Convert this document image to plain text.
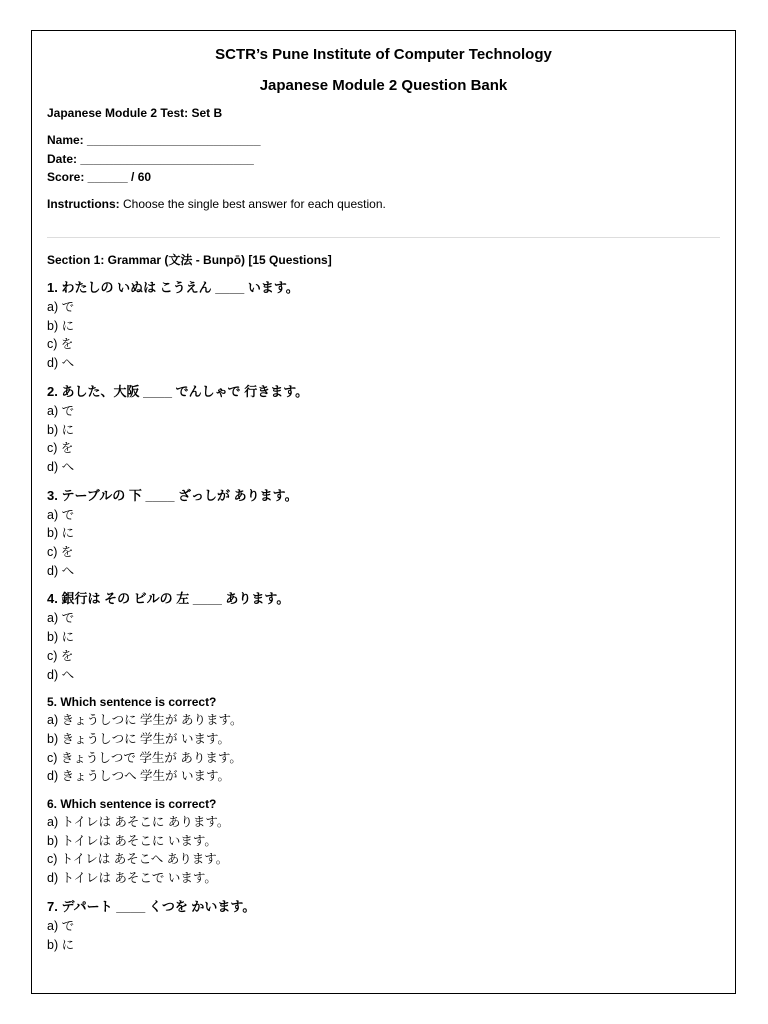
SCTR’s Pune Institute of Computer Technology
Japanese Module 2 Question Bank
Japanese Module 2 Test: Set B
Name: __________________________
Date: __________________________
Score: ______ / 60
Instructions: Choose the single best answer for each question.
Section 1: Grammar (文法 - Bunpō) [15 Questions]
1. わたしの いぬは こうえん ____ います。
a) で
b) に
c) を
d) へ
2. あした、大阪 ____ でんしゃで 行きます。
a) で
b) に
c) を
d) へ
3. テーブルの 下 ____ ざっしが あります。
a) で
b) に
c) を
d) へ
4. 銀行は その ビルの 左 ____ あります。
a) で
b) に
c) を
d) へ
5. Which sentence is correct?
a) きょうしつに 学生が あります。
b) きょうしつに 学生が います。
c) きょうしつで 学生が あります。
d) きょうしつへ 学生が います。
6. Which sentence is correct?
a) トイレは あそこに あります。
b) トイレは あそこに います。
c) トイレは あそこへ あります。
d) トイレは あそこで います。
7. デパート ____ くつを かいます。
a) で
b) に
